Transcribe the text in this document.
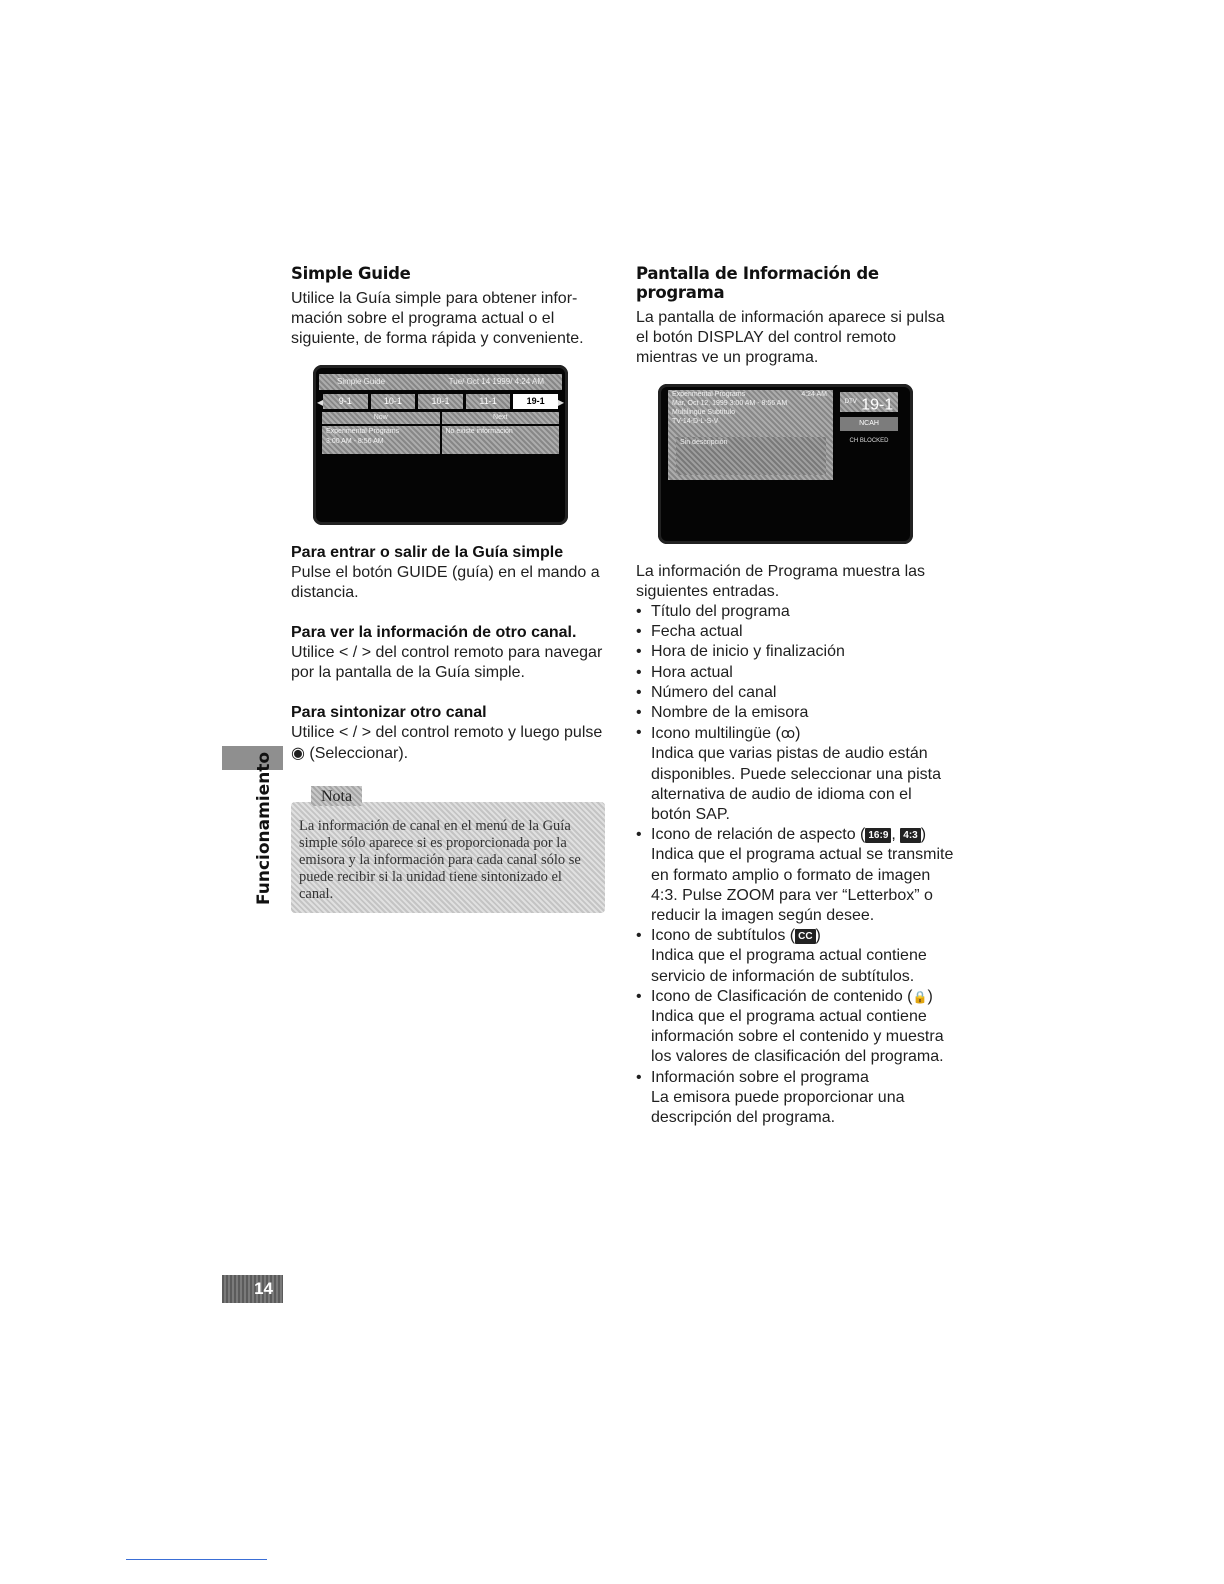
Simple Guide

Utilice la Guía simple para obtener infor- mación sobre el programa actual o el siguiente, de forma rápida y conveniente.

Simple Guide	Tue/ Oct 14 1999/ 4:24 AM
◀	▶
9-1	10-1	10-1	11-1	19-1
Now	Next
Experimental Programs
3:00 AM - 8:56 AM
No existe información

Para entrar o salir de la Guía simple

Pulse el botón GUIDE (guía) en el mando a distancia.

Para ver la información de otro canal.

Utilice < / > del control remoto para navegar por la pantalla de la Guía simple.

Para sintonizar otro canal

Utilice < / > del control remoto y luego pulse ◉ (Seleccionar).

Nota
La información de canal en el menú de la Guía simple sólo aparece si es proporcionada por la emisora y la información para cada canal sólo se puede recibir si la unidad tiene sintonizado el canal.
Pantalla de Información de programa

La pantalla de información aparece si pulsa el botón DISPLAY del control remoto mientras ve un programa.

Experimental Programs	4:24 AM
Mar, Oct 12, 1999 3:00 AM - 8:56 AM
Multilingüe Subtítulo
TV-14-D-L-S-V
Sin descripción
$^{DTV}$ 19-1
NCAH
CH BLOCKED

La información de Programa muestra las siguientes entradas.

• Título del programa
• Fecha actual
• Hora de inicio y finalización
• Hora actual
• Número del canal
• Nombre de la emisora
• Icono multilingüe (ꝏ )
Indica que varias pistas de audio están disponibles. Puede seleccionar una pista alternativa de audio de idioma con el botón SAP.
• Icono de relación de aspecto ( 16:9 , 4:3 )
Indica que el programa actual se transmite en formato amplio o formato de imagen 4:3. Pulse ZOOM para ver “Letterbox” o reducir la imagen según desee.
• Icono de subtítulos ( CC )
Indica que el programa actual contiene servicio de información de subtítulos.
• Icono de Clasificación de contenido (🔒)
Indica que el programa actual contiene información sobre el contenido y muestra los valores de clasificación del programa.
• Información sobre el programa
La emisora puede proporcionar una descripción del programa.
Funcionamiento
14
